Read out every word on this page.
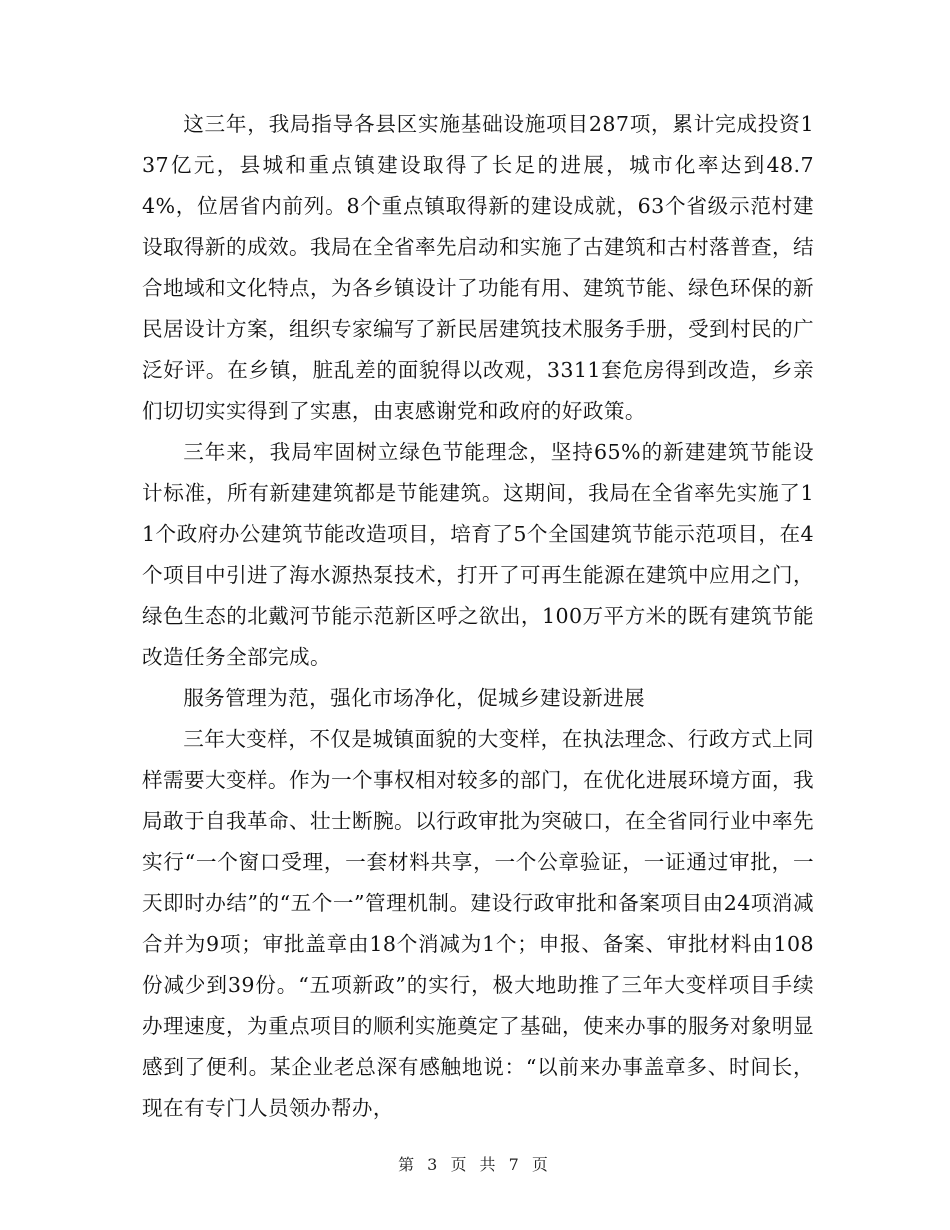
这三年，我局指导各县区实施基础设施项目287项，累计完成投资137亿元，县城和重点镇建设取得了长足的进展，城市化率达到48.74%，位居省内前列。8个重点镇取得新的建设成就，63个省级示范村建设取得新的成效。我局在全省率先启动和实施了古建筑和古村落普查，结合地域和文化特点，为各乡镇设计了功能有用、建筑节能、绿色环保的新民居设计方案，组织专家编写了新民居建筑技术服务手册，受到村民的广泛好评。在乡镇，脏乱差的面貌得以改观，3311套危房得到改造，乡亲们切切实实得到了实惠，由衷感谢党和政府的好政策。

三年来，我局牢固树立绿色节能理念，坚持65%的新建建筑节能设计标准，所有新建建筑都是节能建筑。这期间，我局在全省率先实施了11个政府办公建筑节能改造项目，培育了5个全国建筑节能示范项目，在4个项目中引进了海水源热泵技术，打开了可再生能源在建筑中应用之门，绿色生态的北戴河节能示范新区呼之欲出，100万平方米的既有建筑节能改造任务全部完成。

服务管理为范，强化市场净化，促城乡建设新进展

三年大变样，不仅是城镇面貌的大变样，在执法理念、行政方式上同样需要大变样。作为一个事权相对较多的部门，在优化进展环境方面，我局敢于自我革命、壮士断腕。以行政审批为突破口，在全省同行业中率先实行“一个窗口受理，一套材料共享，一个公章验证，一证通过审批，一天即时办结”的“五个一”管理机制。建设行政审批和备案项目由24项消减合并为9项；审批盖章由18个消减为1个；申报、备案、审批材料由108份减少到39份。“五项新政”的实行，极大地助推了三年大变样项目手续办理速度，为重点项目的顺利实施奠定了基础，使来办事的服务对象明显感到了便利。某企业老总深有感触地说：“以前来办事盖章多、时间长，现在有专门人员领办帮办，

第 3 页 共 7 页
